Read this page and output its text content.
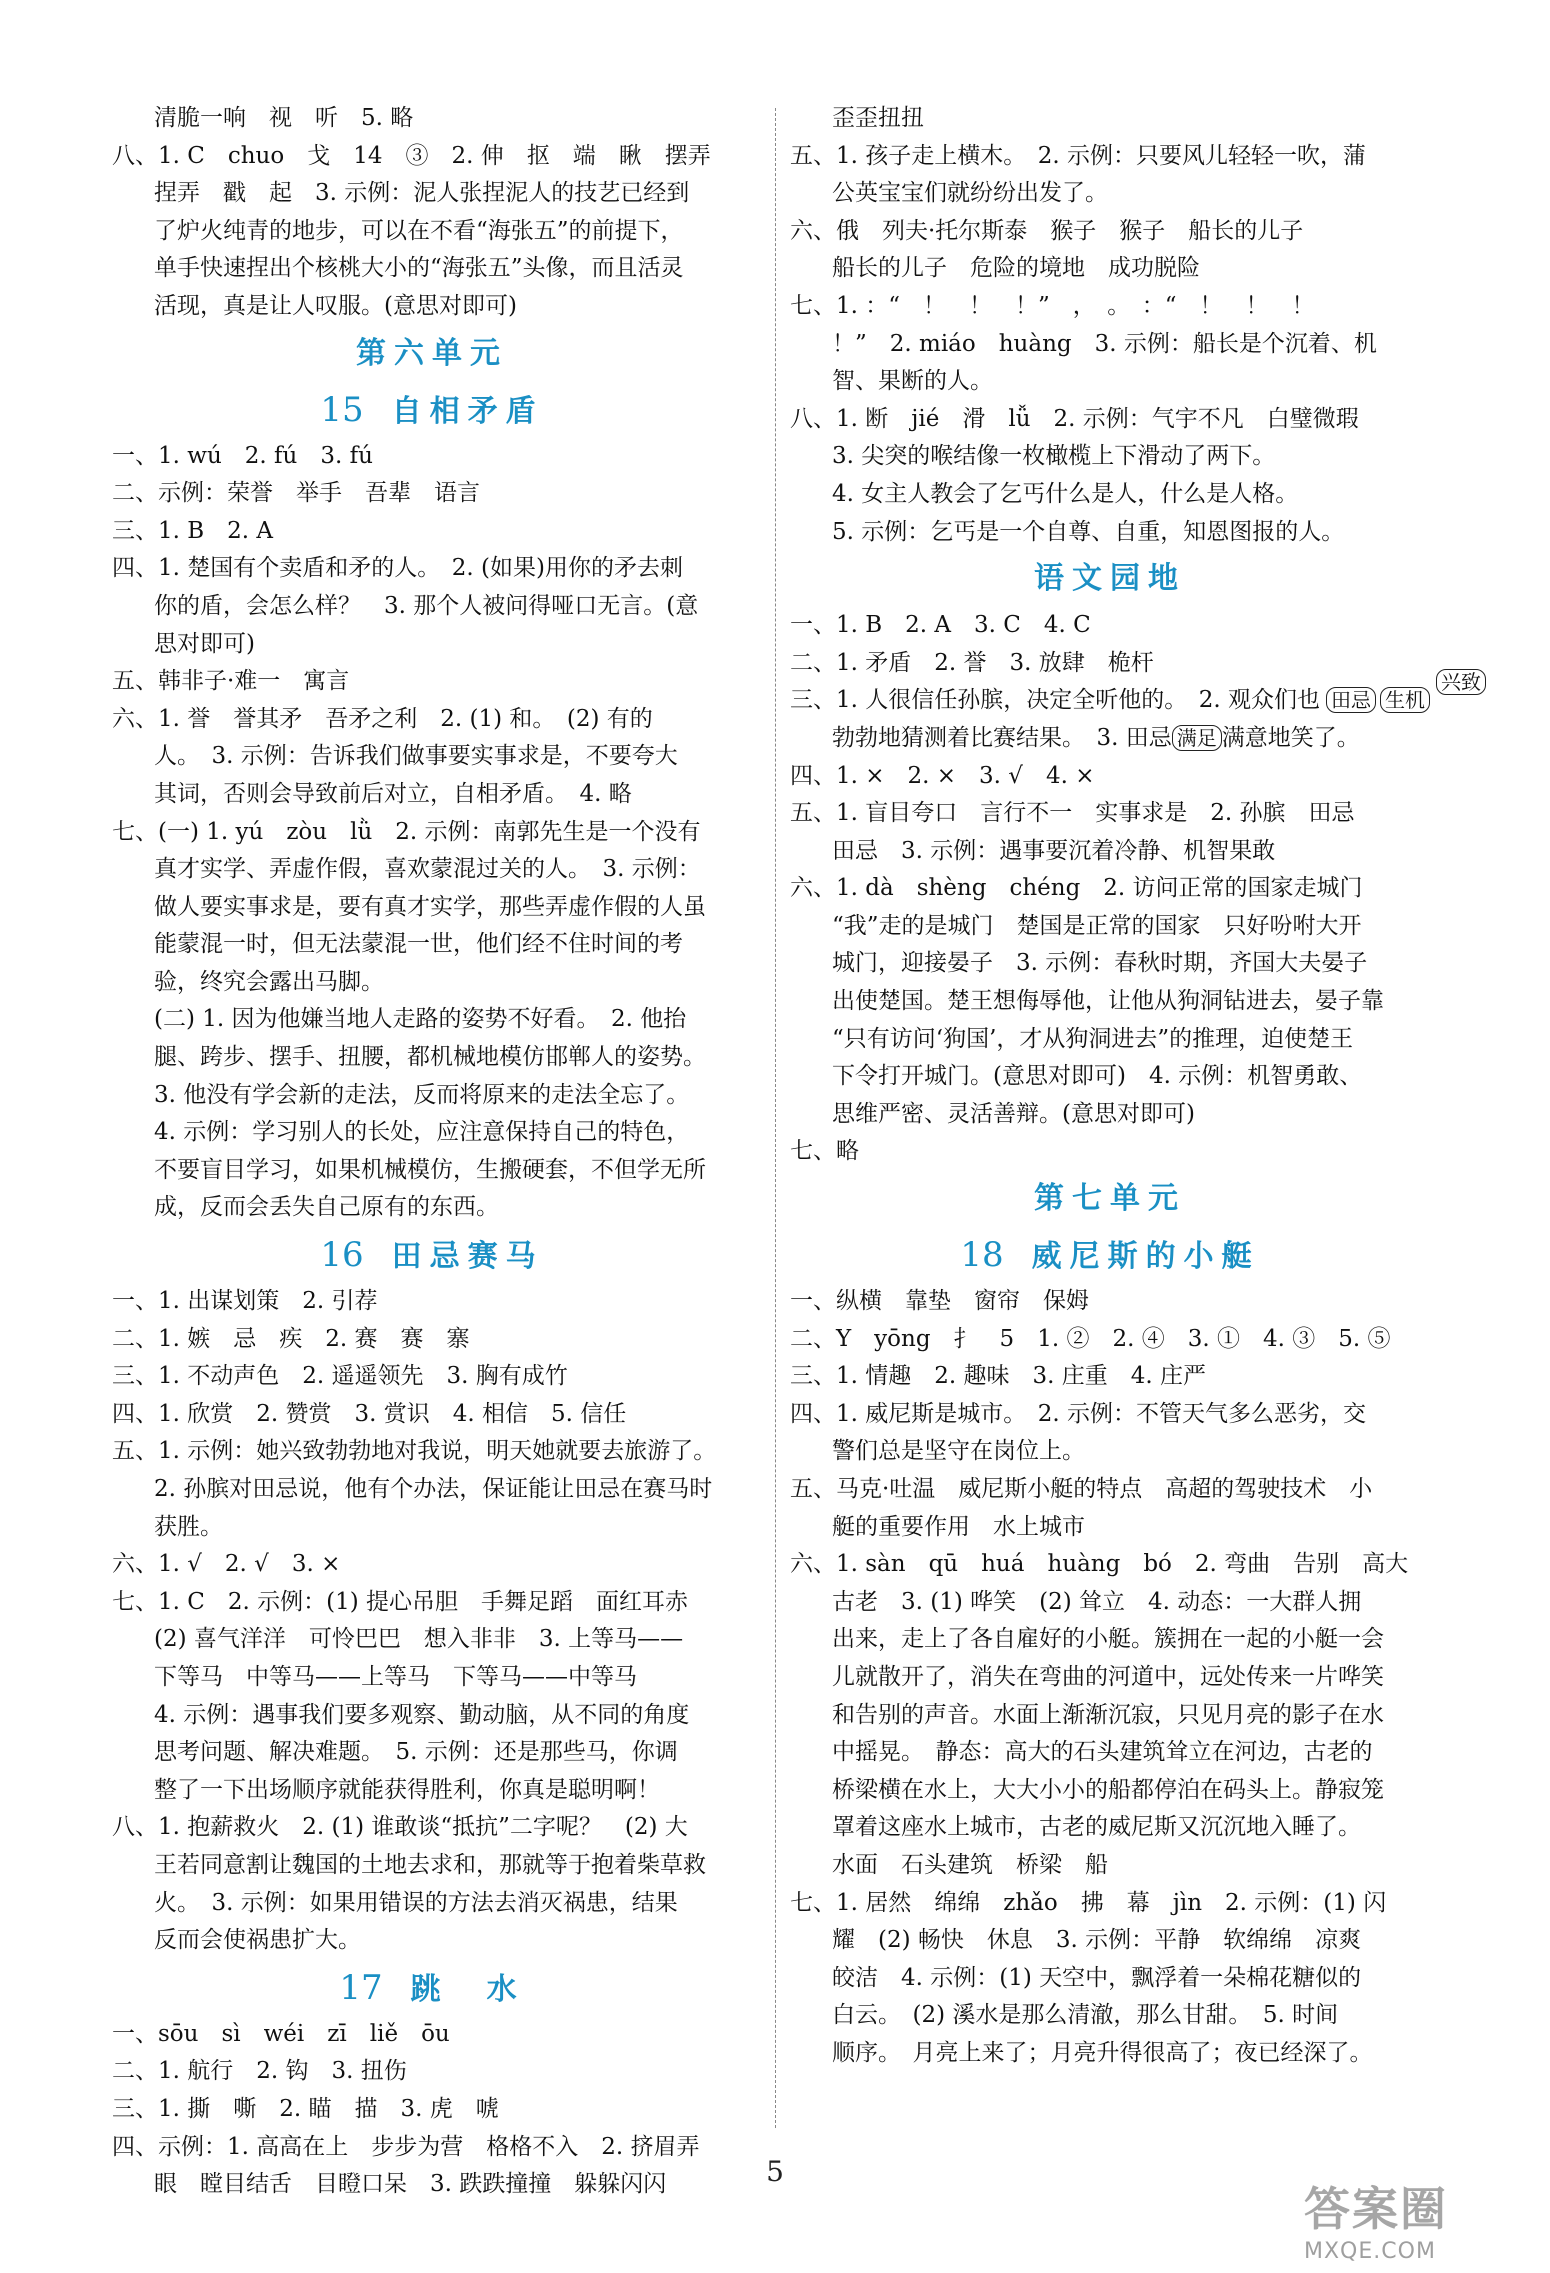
清脆一响　视　听　5. 略
八、1. C　chuo　戈　14　③　2. 伸　抠　端　瞅　摆弄
捏弄　戳　起　3. 示例：泥人张捏泥人的技艺已经到
了炉火纯青的地步，可以在不看“海张五”的前提下，
单手快速捏出个核桃大小的“海张五”头像，而且活灵
活现，真是让人叹服。(意思对即可)
第六单元
15 自相矛盾
一、1. wú　2. fú　3. fú
二、示例：荣誉　举手　吾辈　语言
三、1. B　2. A
四、1. 楚国有个卖盾和矛的人。　2. (如果)用你的矛去刺
你的盾，会怎么样？　3. 那个人被问得哑口无言。(意
思对即可)
五、韩非子·难一　寓言
六、1. 誉　誉其矛　吾矛之利　2. (1) 和。　(2) 有的
人。　3. 示例：告诉我们做事要实事求是，不要夸大
其词，否则会导致前后对立，自相矛盾。　4. 略
七、(一) 1. yú　zòu　lǜ　2. 示例：南郭先生是一个没有
真才实学、弄虚作假，喜欢蒙混过关的人。　3. 示例：
做人要实事求是，要有真才实学，那些弄虚作假的人虽
能蒙混一时，但无法蒙混一世，他们经不住时间的考
验，终究会露出马脚。
(二) 1. 因为他嫌当地人走路的姿势不好看。　2. 他抬
腿、跨步、摆手、扭腰，都机械地模仿邯郸人的姿势。
3. 他没有学会新的走法，反而将原来的走法全忘了。
4. 示例：学习别人的长处，应注意保持自己的特色，
不要盲目学习，如果机械模仿，生搬硬套，不但学无所
成，反而会丢失自己原有的东西。
16 田忌赛马
一、1. 出谋划策　2. 引荐
二、1. 嫉　忌　疾　2. 赛　赛　寨
三、1. 不动声色　2. 遥遥领先　3. 胸有成竹
四、1. 欣赏　2. 赞赏　3. 赏识　4. 相信　5. 信任
五、1. 示例：她兴致勃勃地对我说，明天她就要去旅游了。
2. 孙膑对田忌说，他有个办法，保证能让田忌在赛马时
获胜。
六、1. √　2. √　3. ×
七、1. C　2. 示例：(1) 提心吊胆　手舞足蹈　面红耳赤
(2) 喜气洋洋　可怜巴巴　想入非非　3. 上等马——
下等马　中等马——上等马　下等马——中等马
4. 示例：遇事我们要多观察、勤动脑，从不同的角度
思考问题、解决难题。　5. 示例：还是那些马，你调
整了一下出场顺序就能获得胜利，你真是聪明啊！
八、1. 抱薪救火　2. (1) 谁敢谈“抵抗”二字呢？　(2) 大
王若同意割让魏国的土地去求和，那就等于抱着柴草救
火。　3. 示例：如果用错误的方法去消灭祸患，结果
反而会使祸患扩大。
17 跳　水
一、sōu　sì　wéi　zī　liě　ōu
二、1. 航行　2. 钩　3. 扭伤
三、1. 撕　嘶　2. 瞄　描　3. 虎　唬
四、示例：1. 高高在上　步步为营　格格不入　2. 挤眉弄
眼　瞠目结舌　目瞪口呆　3. 跌跌撞撞　躲躲闪闪
歪歪扭扭
五、1. 孩子走上横木。　2. 示例：只要风儿轻轻一吹，蒲
公英宝宝们就纷纷出发了。
六、俄　列夫·托尔斯泰　猴子　猴子　船长的儿子
船长的儿子　危险的境地　成功脱险
七、1. ：“　！　！　！”　，　。　：“　！　！　！
！”　2. miáo　huàng　3. 示例：船长是个沉着、机
智、果断的人。
八、1. 断　jié　滑　lǚ　2. 示例：气宇不凡　白璧微瑕
3. 尖突的喉结像一枚橄榄上下滑动了两下。
4. 女主人教会了乞丐什么是人，什么是人格。
5. 示例：乞丐是一个自尊、自重，知恩图报的人。
语文园地
一、1. B　2. A　3. C　4. C
二、1. 矛盾　2. 誉　3. 放肆　桅杆
三、1. 人很信任孙膑，决定全听他的。　2. 观众们也 田忌 生机兴致
勃勃地猜测着比赛结果。　3. 田忌 满足 满意地笑了。
四、1. ×　2. ×　3. √　4. ×
五、1. 盲目夸口　言行不一　实事求是　2. 孙膑　田忌
田忌　3. 示例：遇事要沉着冷静、机智果敢
六、1. dà　shèng　chéng　2. 访问正常的国家走城门
“我”走的是城门　楚国是正常的国家　只好吩咐大开
城门，迎接晏子　3. 示例：春秋时期，齐国大夫晏子
出使楚国。楚王想侮辱他，让他从狗洞钻进去，晏子靠
“只有访问‘狗国’，才从狗洞进去”的推理，迫使楚王
下令打开城门。(意思对即可)　4. 示例：机智勇敢、
思维严密、灵活善辩。(意思对即可)
七、略
第七单元
18 威尼斯的小艇
一、纵横　靠垫　窗帘　保姆
二、Y　yōng　扌　5　1. ②　2. ④　3. ①　4. ③　5. ⑤
三、1. 情趣　2. 趣味　3. 庄重　4. 庄严
四、1. 威尼斯是城市。　2. 示例：不管天气多么恶劣，交
警们总是坚守在岗位上。
五、马克·吐温　威尼斯小艇的特点　高超的驾驶技术　小
艇的重要作用　水上城市
六、1. sàn　qū　huá　huàng　bó　2. 弯曲　告别　高大
古老　3. (1) 哗笑　(2) 耸立　4. 动态：一大群人拥
出来，走上了各自雇好的小艇。簇拥在一起的小艇一会
儿就散开了，消失在弯曲的河道中，远处传来一片哗笑
和告别的声音。水面上渐渐沉寂，只见月亮的影子在水
中摇晃。　静态：高大的石头建筑耸立在河边，古老的
桥梁横在水上，大大小小的船都停泊在码头上。静寂笼
罩着这座水上城市，古老的威尼斯又沉沉地入睡了。
水面　石头建筑　桥梁　船
七、1. 居然　绵绵　zhǎo　拂　幕　jìn　2. 示例：(1) 闪
耀　(2) 畅快　休息　3. 示例：平静　软绵绵　凉爽
皎洁　4. 示例：(1) 天空中，飘浮着一朵棉花糖似的
白云。　(2) 溪水是那么清澈，那么甘甜。　5. 时间
顺序。　月亮上来了；月亮升得很高了；夜已经深了。
5
答案圈
MXQE.COM
